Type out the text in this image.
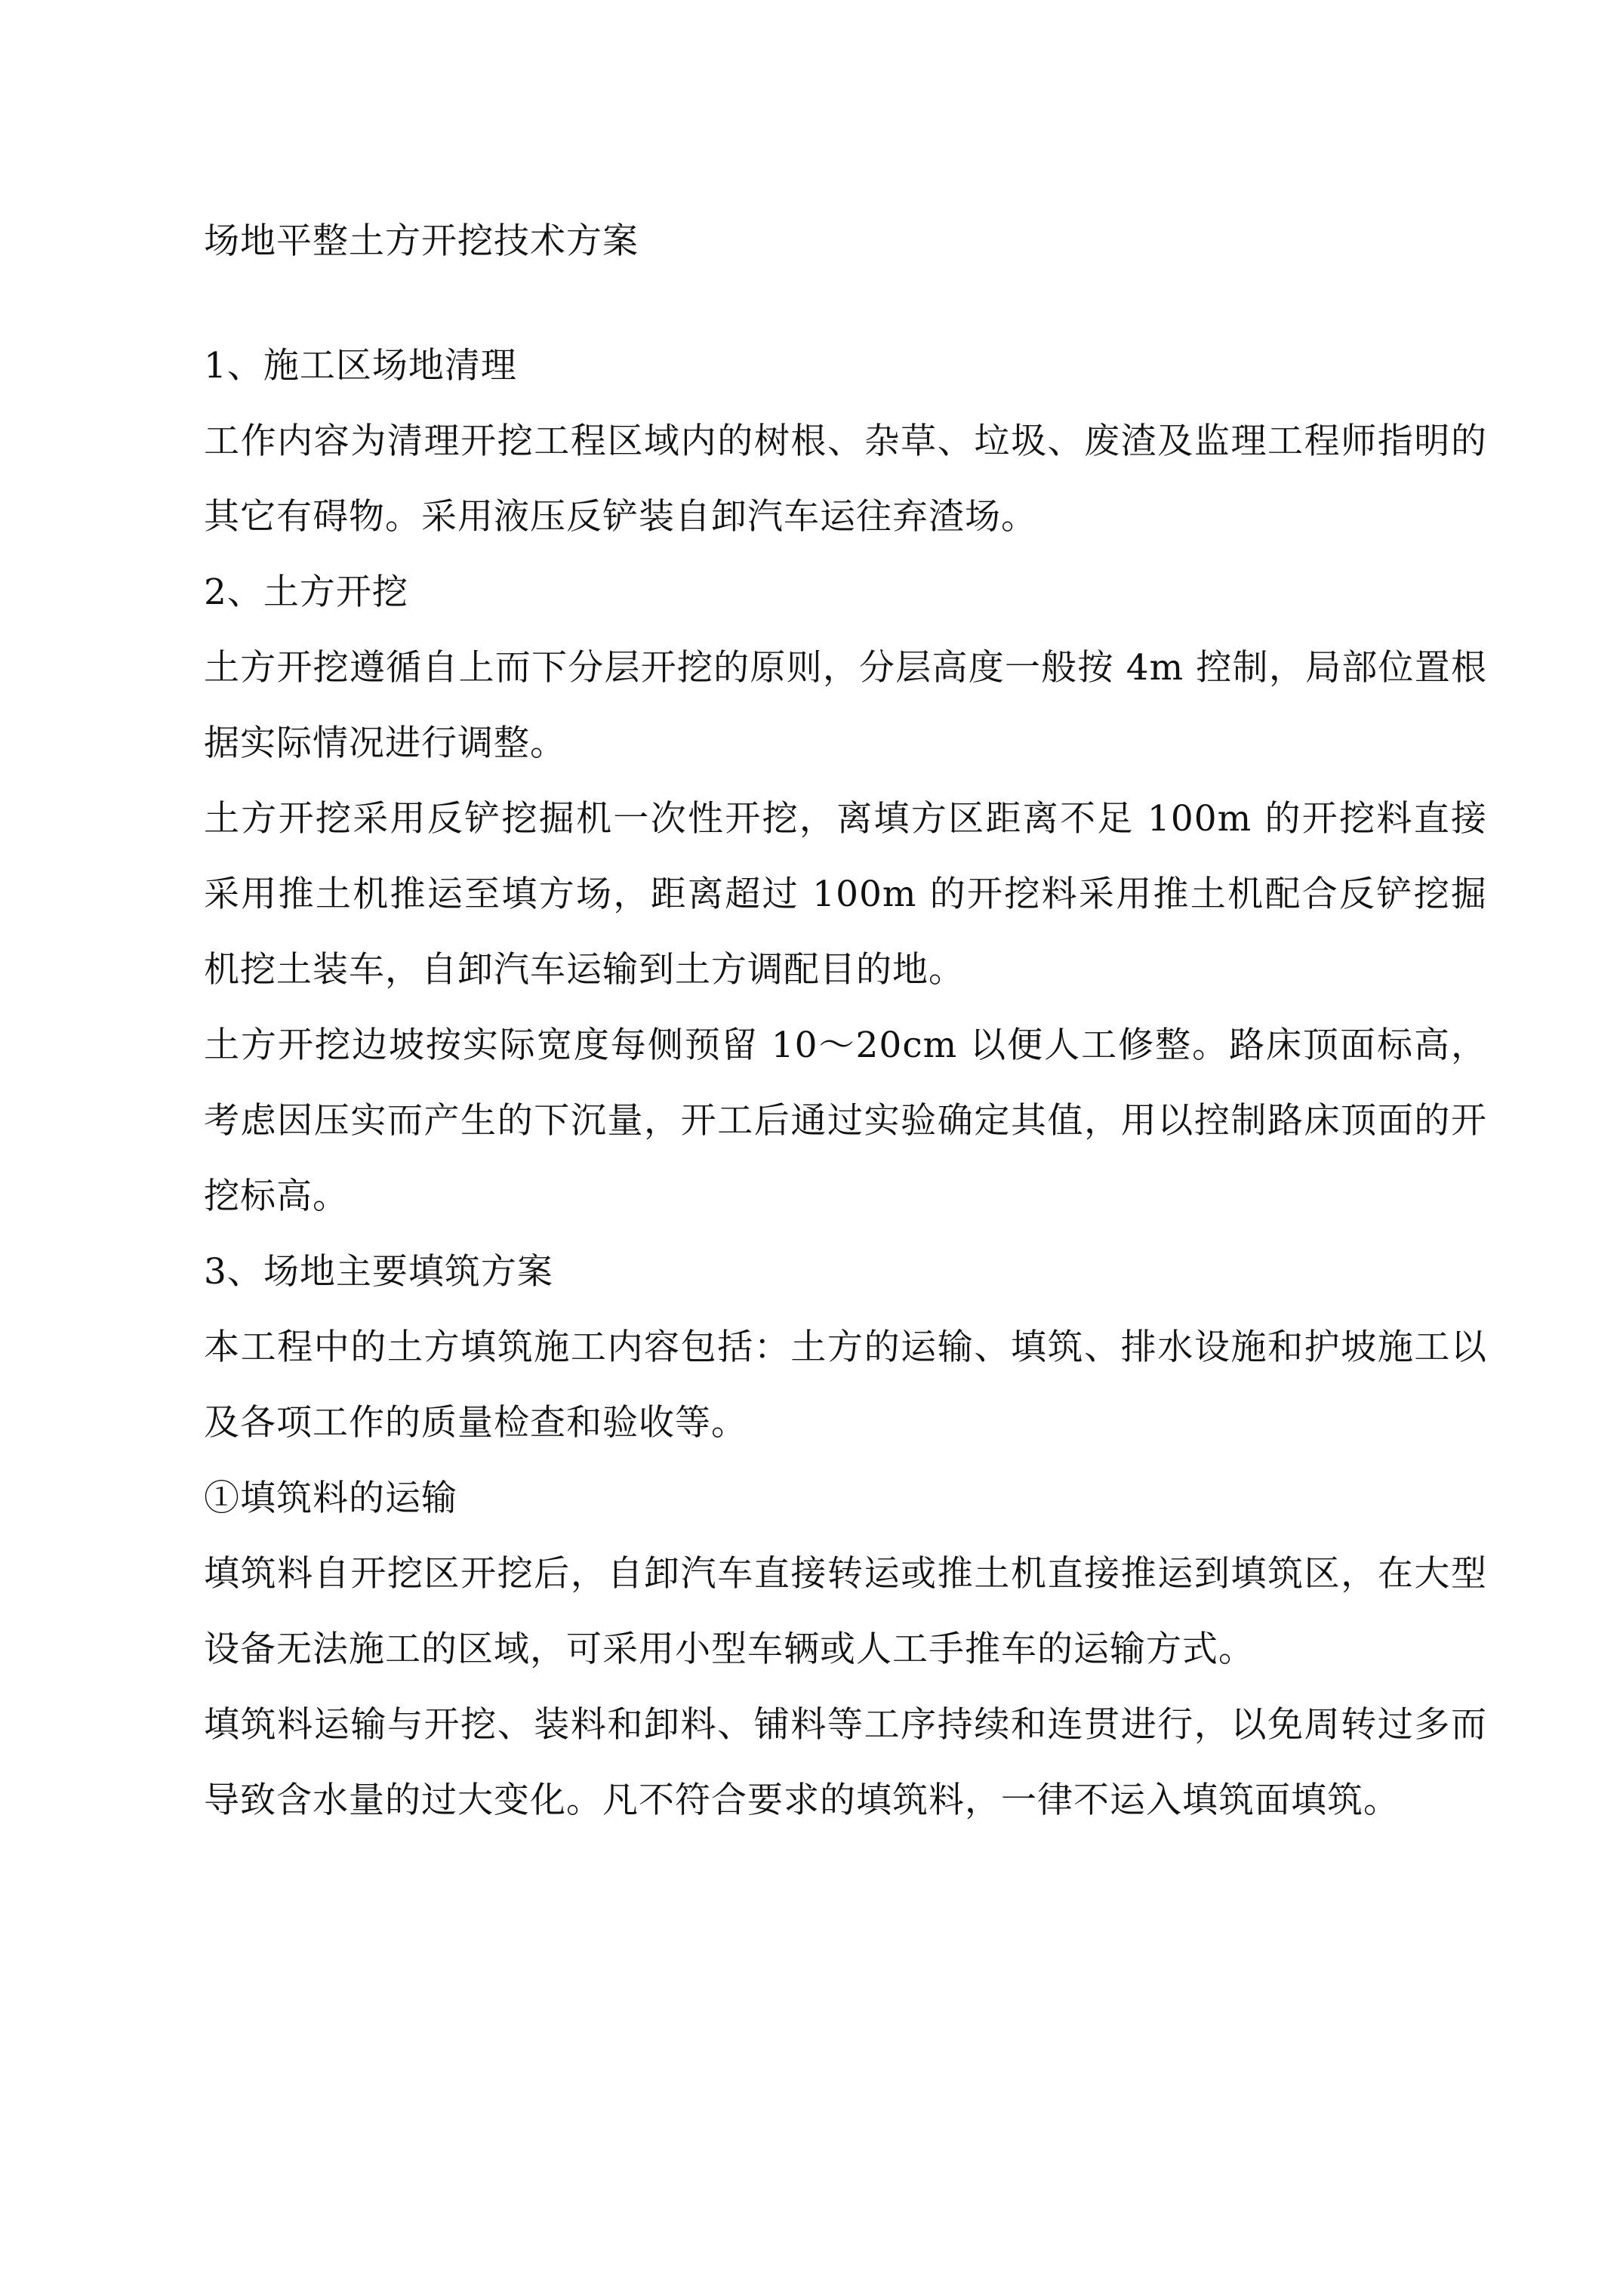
场地平整土方开挖技术方案
1、施工区场地清理

工作内容为清理开挖工程区域内的树根、杂草、垃圾、废渣及监理工程师指明的其它有碍物。采用液压反铲装自卸汽车运往弃渣场。

2、土方开挖

土方开挖遵循自上而下分层开挖的原则，分层高度一般按 4m 控制，局部位置根据实际情况进行调整。

土方开挖采用反铲挖掘机一次性开挖，离填方区距离不足 100m 的开挖料直接采用推土机推运至填方场，距离超过 100m 的开挖料采用推土机配合反铲挖掘机挖土装车，自卸汽车运输到土方调配目的地。

土方开挖边坡按实际宽度每侧预留 10～20cm 以便人工修整。路床顶面标高，考虑因压实而产生的下沉量，开工后通过实验确定其值，用以控制路床顶面的开挖标高。

3、场地主要填筑方案

本工程中的土方填筑施工内容包括：土方的运输、填筑、排水设施和护坡施工以及各项工作的质量检查和验收等。

①填筑料的运输

填筑料自开挖区开挖后，自卸汽车直接转运或推土机直接推运到填筑区，在大型设备无法施工的区域，可采用小型车辆或人工手推车的运输方式。

填筑料运输与开挖、装料和卸料、铺料等工序持续和连贯进行，以免周转过多而导致含水量的过大变化。凡不符合要求的填筑料，一律不运入填筑面填筑。
